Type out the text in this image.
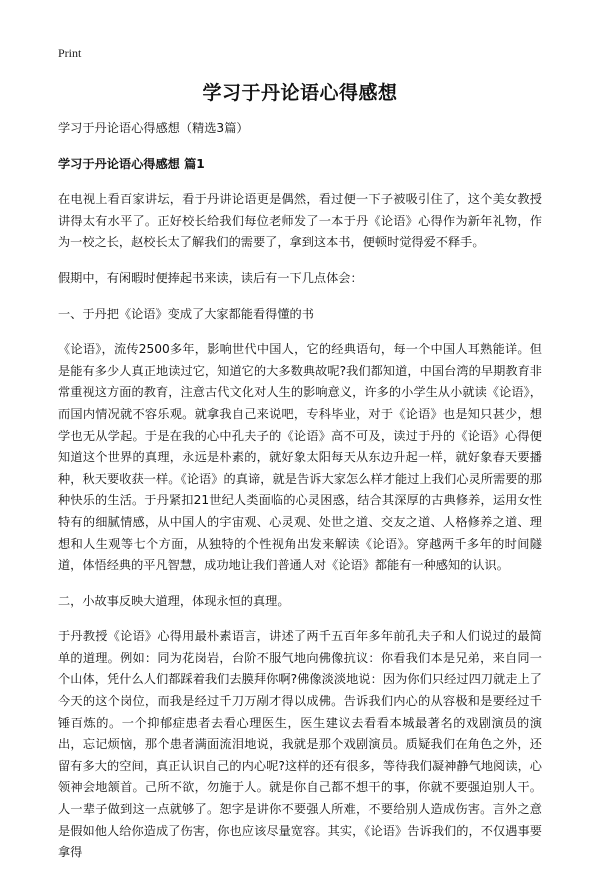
Print
学习于丹论语心得感想

学习于丹论语心得感想（精选3篇）

学习于丹论语心得感想 篇1

在电视上看百家讲坛，看于丹讲论语更是偶然，看过便一下子被吸引住了，这个美女教授讲得太有水平了。正好校长给我们每位老师发了一本于丹《论语》心得作为新年礼物，作为一校之长，赵校长太了解我们的需要了，拿到这本书，便顿时觉得爱不释手。

假期中，有闲暇时便捧起书来读，读后有一下几点体会：

一、于丹把《论语》变成了大家都能看得懂的书

《论语》，流传2500多年，影响世代中国人，它的经典语句，每一个中国人耳熟能详。但是能有多少人真正地读过它，知道它的大多数典故呢?我们都知道，中国台湾的早期教育非常重视这方面的教育，注意古代文化对人生的影响意义，许多的小学生从小就读《论语》，而国内情况就不容乐观。就拿我自己来说吧，专科毕业，对于《论语》也是知只甚少，想学也无从学起。于是在我的心中孔夫子的《论语》高不可及，读过于丹的《论语》心得便知道这个世界的真理，永远是朴素的，就好象太阳每天从东边升起一样，就好象春天要播种，秋天要收获一样。《论语》的真谛，就是告诉大家怎么样才能过上我们心灵所需要的那种快乐的生活。于丹紧扣21世纪人类面临的心灵困惑，结合其深厚的古典修养，运用女性特有的细腻情感，从中国人的宇宙观、心灵观、处世之道、交友之道、人格修养之道、理想和人生观等七个方面，从独特的个性视角出发来解读《论语》。穿越两千多年的时间隧道，体悟经典的平凡智慧，成功地让我们普通人对《论语》都能有一种感知的认识。

二，小故事反映大道理，体现永恒的真理。

于丹教授《论语》心得用最朴素语言，讲述了两千五百年多年前孔夫子和人们说过的最简单的道理。例如：同为花岗岩，台阶不服气地向佛像抗议：你看我们本是兄弟，来自同一个山体，凭什么人们都踩着我们去膜拜你啊?佛像淡淡地说：因为你们只经过四刀就走上了今天的这个岗位，而我是经过千刀万剐才得以成佛。告诉我们内心的从容极和是要经过千锤百炼的。一个抑郁症患者去看心理医生，医生建议去看看本城最著名的戏剧演员的演出，忘记烦恼，那个患者满面流泪地说，我就是那个戏剧演员。质疑我们在角色之外，还留有多大的空间，真正认识自己的内心呢?这样的还有很多，等待我们凝神静气地阅读，心领神会地颔首。己所不欲，勿施于人。就是你自己都不想干的事，你就不要强迫别人干。人一辈子做到这一点就够了。恕字是讲你不要强人所难，不要给别人造成伤害。言外之意是假如他人给你造成了伤害，你也应该尽量宽容。其实，《论语》告诉我们的，不仅遇事要拿得
